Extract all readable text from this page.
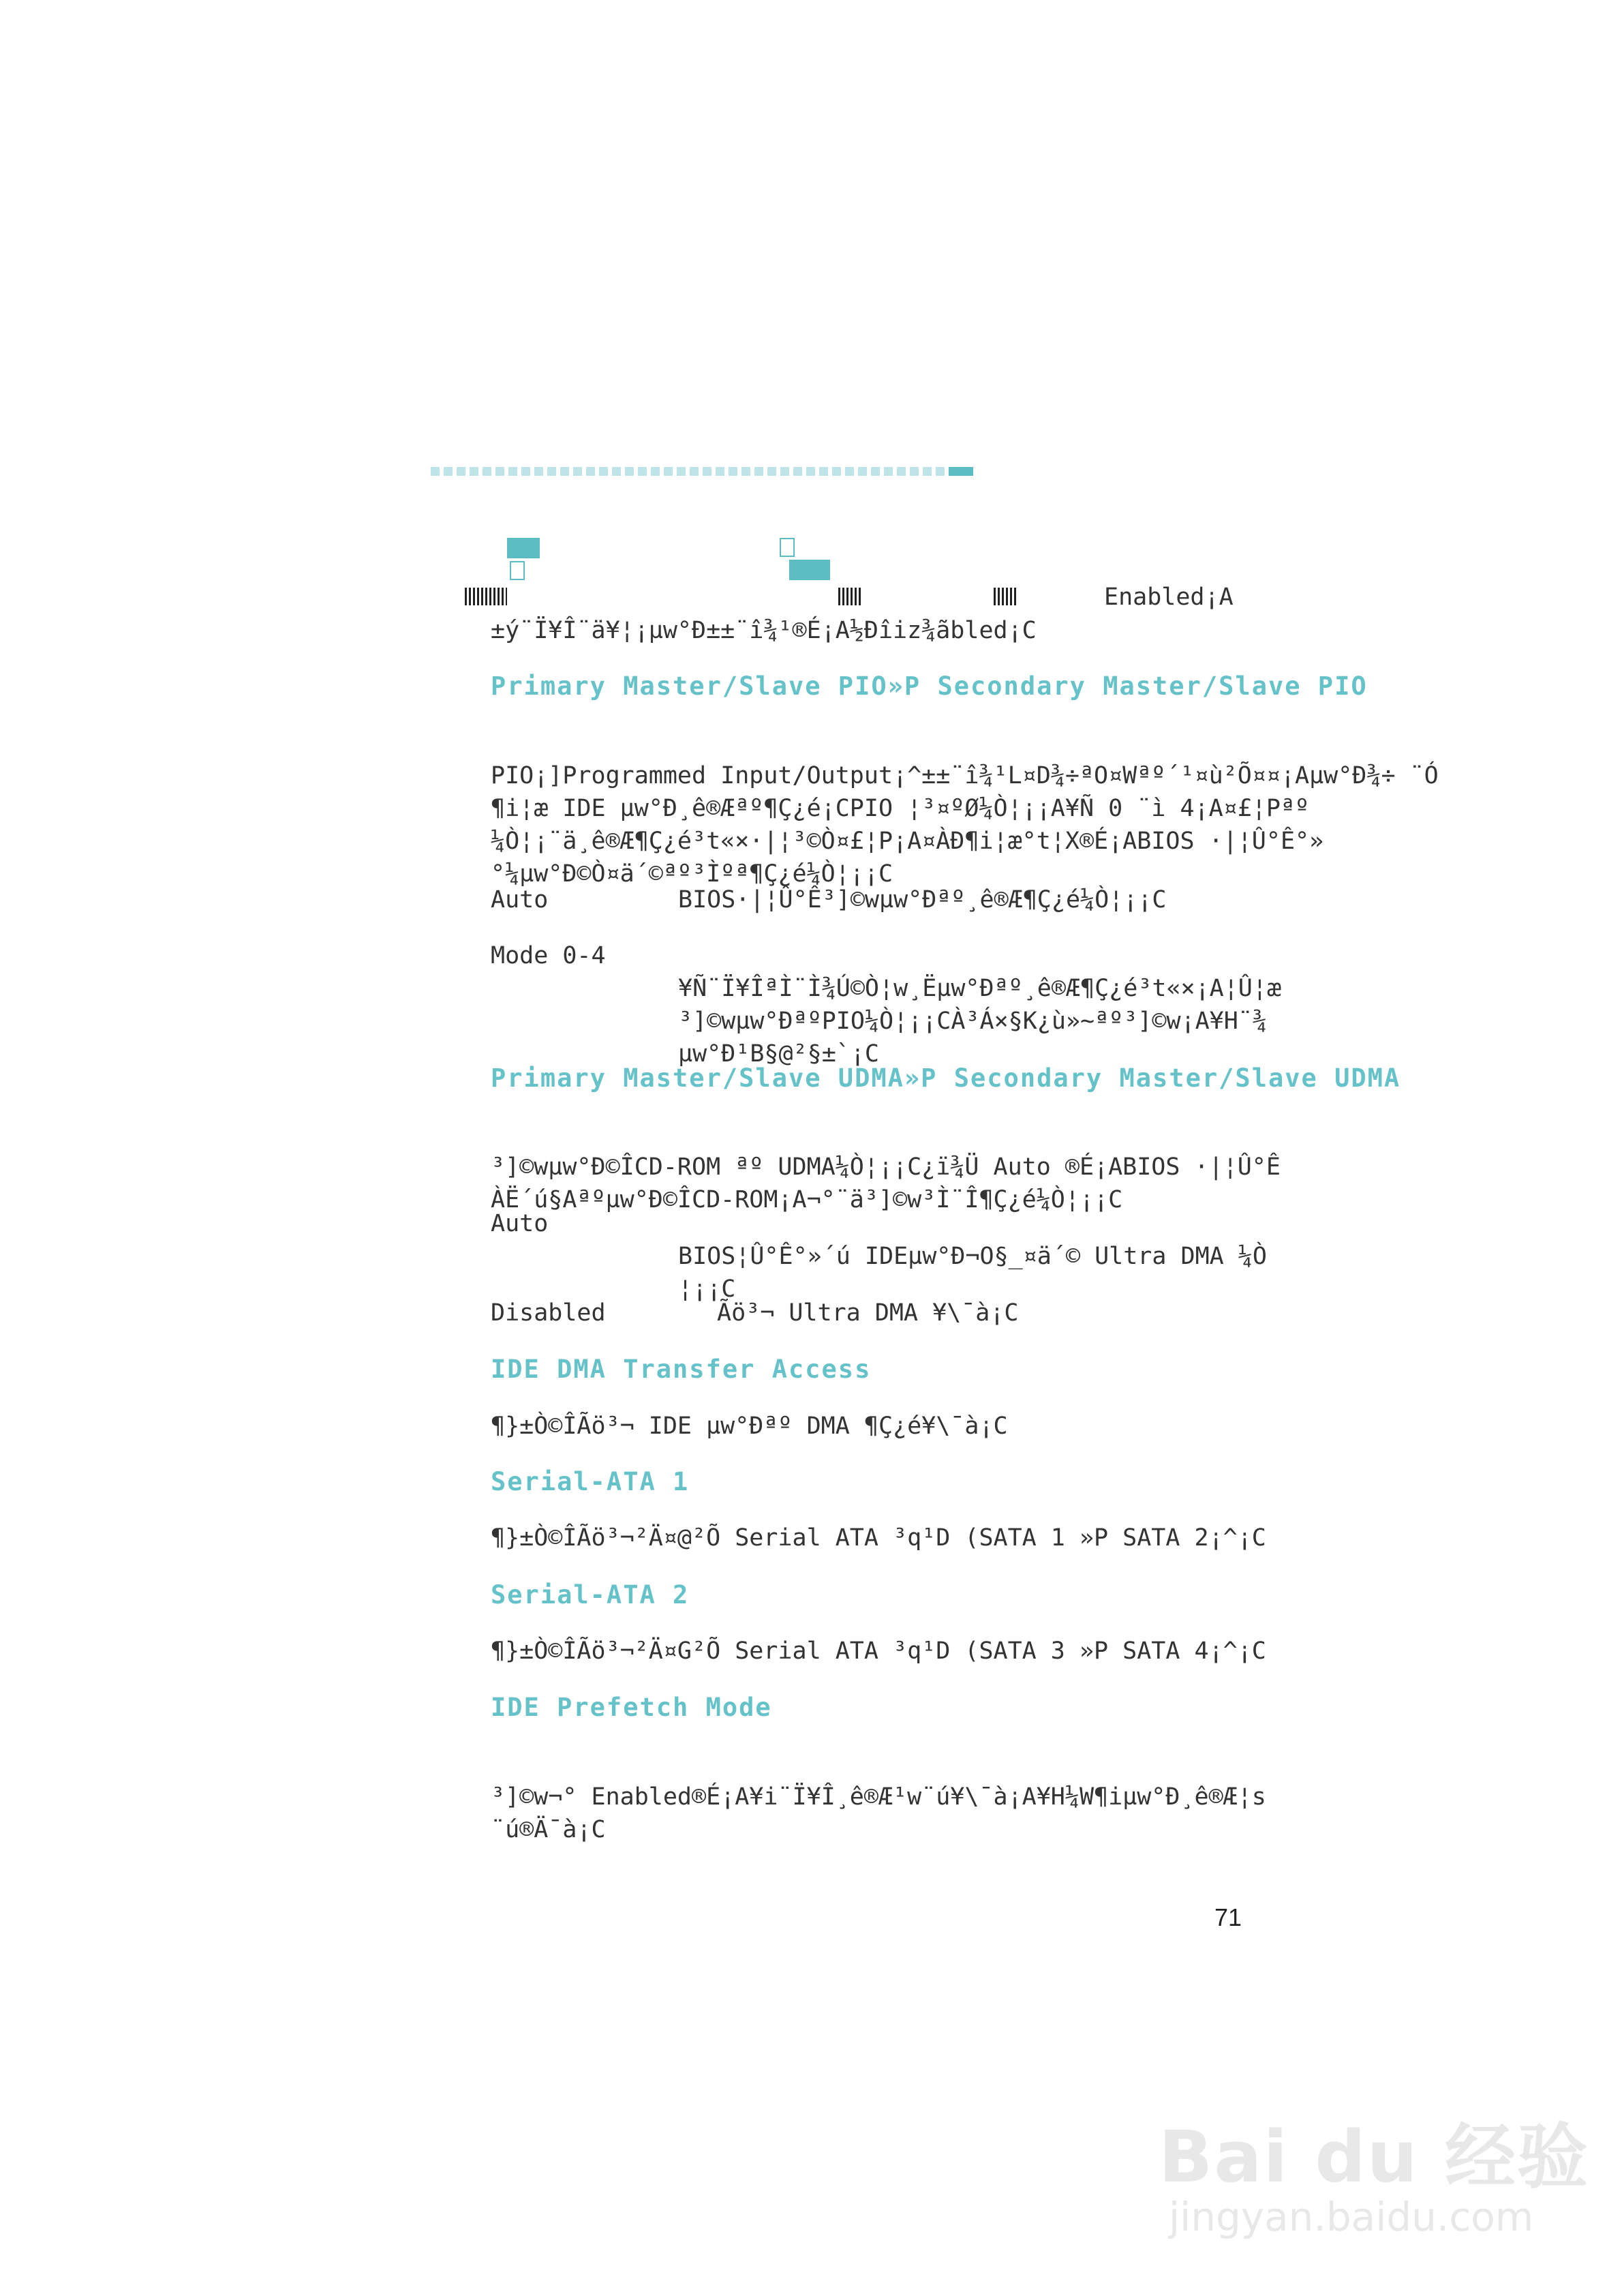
Enabled¡A
±ý¨Ï¥Î¨ä¥¦¡µw°Ð±±¨î¾¹®É¡A½Ðîiz¾ãbled¡C
Primary Master/Slave PIO»P Secondary Master/Slave PIO

PIO¡]Programmed Input/Output¡^±±¨î¾¹L¤D¾÷ªO¤Wªº´¹¤ù²Õ¤¤¡Aµw°Ð¾÷ ¨Ó
¶i¦æ IDE µw°Ð¸ê®Æªº¶Ç¿é¡CPIO ¦³¤ºØ¼Ò¦¡¡A¥Ñ 0 ¨ì 4¡A¤£¦Pªº
¼Ò¦¡¨ä¸ê®Æ¶Ç¿é³t«×·|¦³©Ò¤£¦P¡A¤ÀÐ¶i¦æ°t¦X®É¡ABIOS ·|¦Û°Ê°»
°¼µw°Ð©Ò¤ä´©ªº³Ìºª¶Ç¿é¼Ò¦¡¡C

Auto	BIOS·|¦Û°Ê³]©wµw°Ðªº¸ê®Æ¶Ç¿é¼Ò¦¡¡C
Mode 0-4

¥Ñ¨Ï¥ÎªÌ¨Ì¾Ú©Ò¦w¸Ëµw°Ðªº¸ê®Æ¶Ç¿é³t«×¡A¦Û¦æ
³]©wµw°ÐªºPIO¼Ò¦¡¡CÀ³Á×§K¿ù»~ªº³]©w¡A¥H¨¾
µw°Ð¹B§@²§±`¡C

Primary Master/Slave UDMA»P Secondary Master/Slave UDMA

³]©wµw°Ð©ÎCD-ROM ªº UDMA¼Ò¦¡¡C¿ï¾Ü Auto ®É¡ABIOS ·|¦Û°Ê
ÀË´ú§Aªºµw°Ð©ÎCD-ROM¡A¬°¨ä³]©w³Ì¨Î¶Ç¿é¼Ò¦¡¡C

Auto

BIOS¦Û°Ê°»´ú IDEµw°Ð¬O§_¤ä´© Ultra DMA ¼Ò
¦¡¡C

Disabled	Ãö³¬ Ultra DMA ¥\¯à¡C
IDE DMA Transfer Access
¶}±Ò©ÎÃö³¬ IDE µw°Ðªº DMA ¶Ç¿é¥\¯à¡C
Serial-ATA 1
¶}±Ò©ÎÃö³¬²Ä¤@²Õ Serial ATA ³q¹D (SATA 1 »P SATA 2¡^¡C
Serial-ATA 2
¶}±Ò©ÎÃö³¬²Ä¤G²Õ Serial ATA ³q¹D (SATA 3 »P SATA 4¡^¡C
IDE Prefetch Mode

³]©w¬° Enabled®É¡A¥i¨Ï¥Î¸ê®Æ¹w¨ú¥\¯à¡A¥H¼W¶iµw°Ð¸ê®Æ¦s
¨ú®Ä¯à¡C

71
Bai du 经验
jingyan.baidu.com
